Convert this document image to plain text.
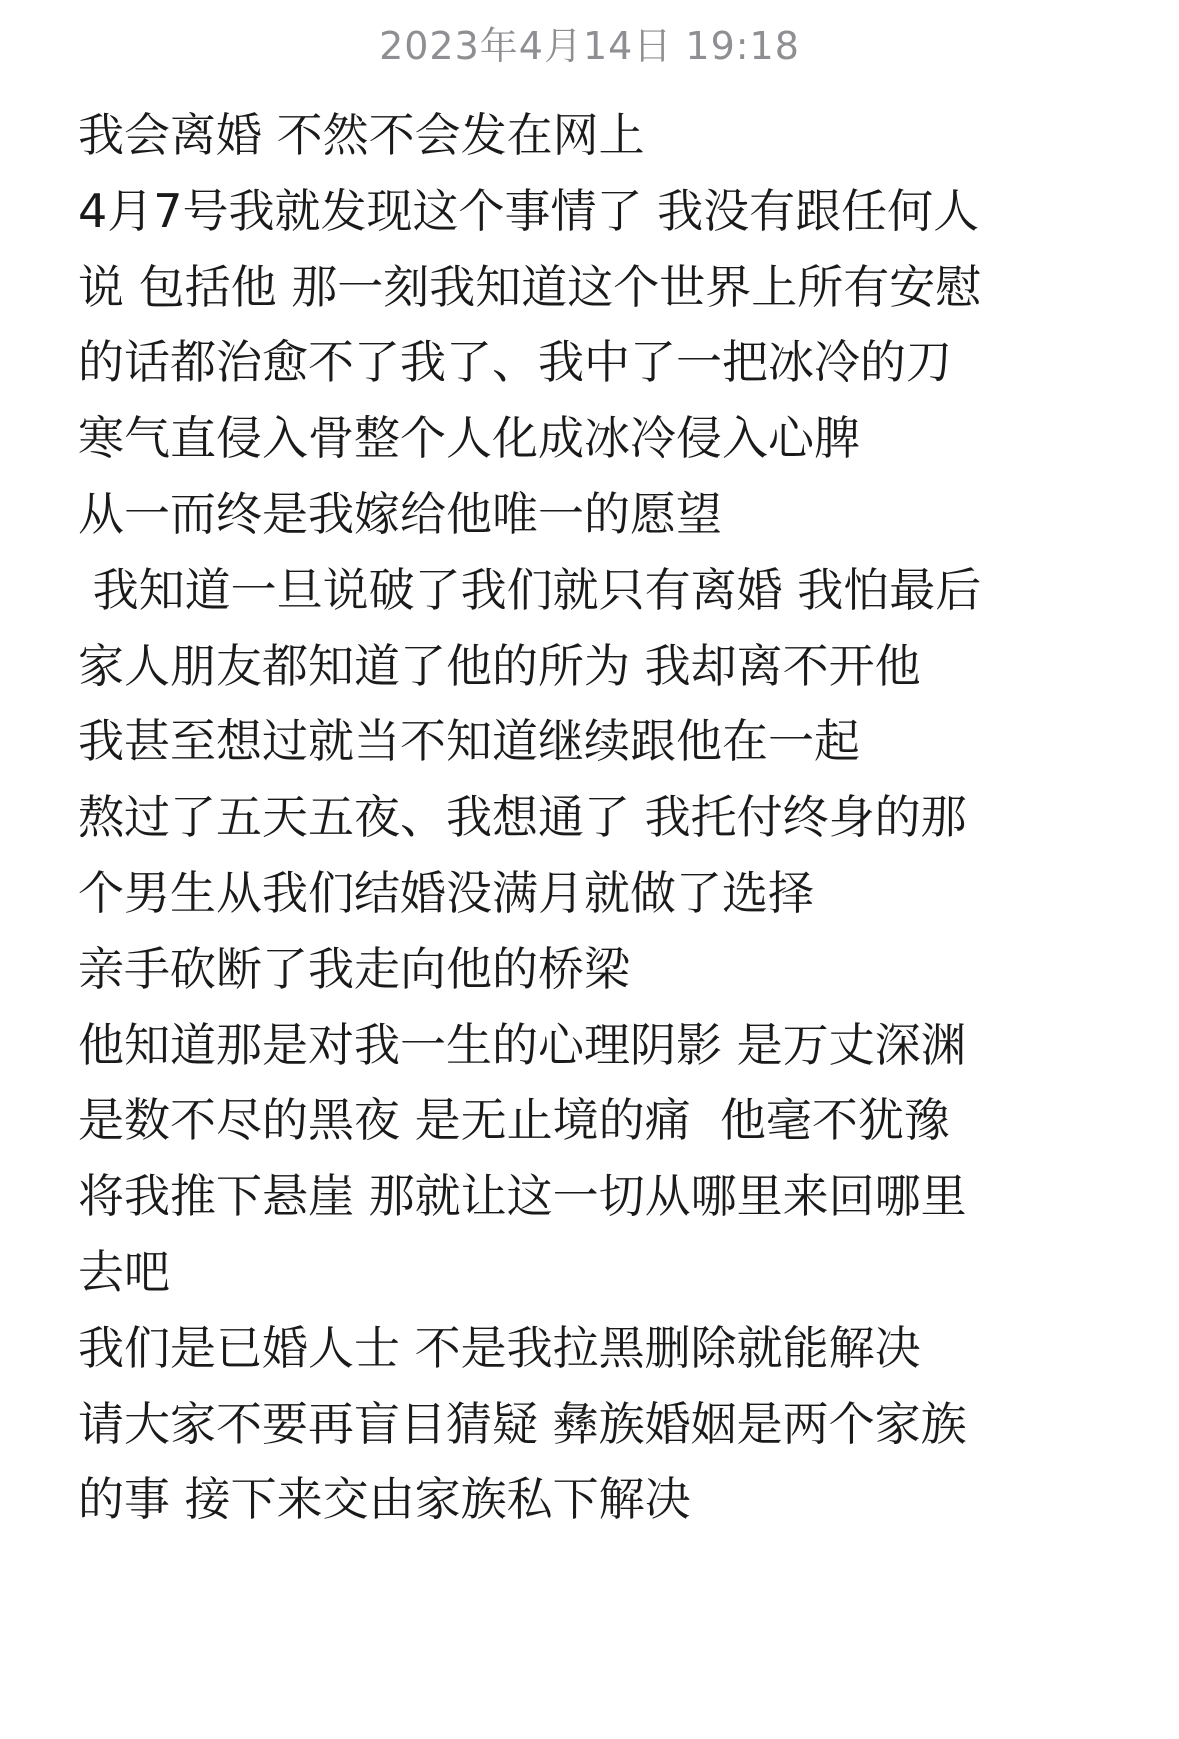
2023年4月14日 19:18
我会离婚 不然不会发在网上
4月7号我就发现这个事情了 我没有跟任何人
说 包括他 那一刻我知道这个世界上所有安慰
的话都治愈不了我了、我中了一把冰冷的刀
寒气直侵入骨整个人化成冰冷侵入心脾
从一而终是我嫁给他唯一的愿望
我知道一旦说破了我们就只有离婚 我怕最后
家人朋友都知道了他的所为 我却离不开他
我甚至想过就当不知道继续跟他在一起
熬过了五天五夜、我想通了 我托付终身的那
个男生从我们结婚没满月就做了选择
亲手砍断了我走向他的桥梁
他知道那是对我一生的心理阴影 是万丈深渊
是数不尽的黑夜 是无止境的痛  他毫不犹豫
将我推下悬崖 那就让这一切从哪里来回哪里
去吧
我们是已婚人士 不是我拉黑删除就能解决
请大家不要再盲目猜疑 彝族婚姻是两个家族
的事 接下来交由家族私下解决
